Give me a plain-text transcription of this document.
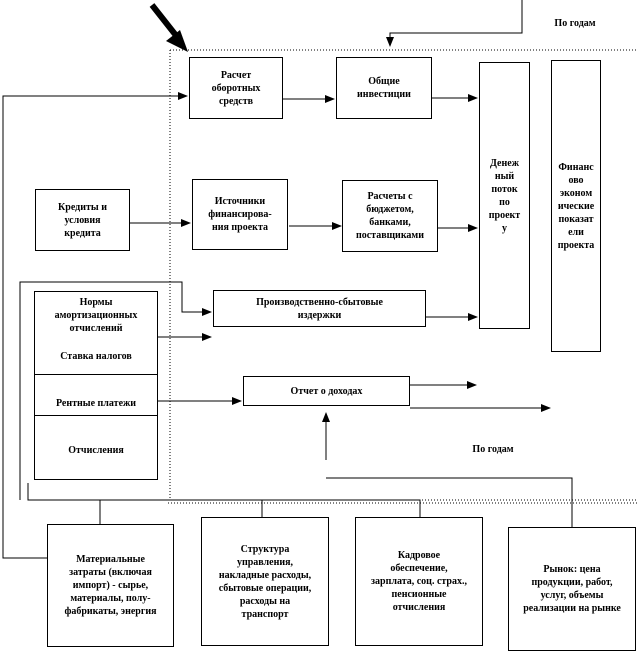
По годам
По годам
Расчет
оборотных
средств
Общие
инвестиции
Денеж
ный
поток
по
проект
у
Финанс
ово
эконом
ические
показат
ели
проекта
Кредиты и
условия
кредита
Источники
финансирова-
ния проекта
Расчеты с
бюджетом,
банками,
поставщиками
Производственно-сбытовые
издержки

Нормы
амортизационных
отчислений

Ставка налогов

Рентные платежи

Отчисления

Отчет о доходах
Материальные
затраты (включая
импорт) - сырье,
материалы, полу-
фабрикаты, энергия
Структура
управления,
накладные расходы,
сбытовые операции,
расходы на
транспорт
Кадровое
обеспечение,
зарплата, соц. страх.,
пенсионные
отчисления
Рынок: цена
продукции, работ,
услуг, объемы
реализации на рынке
